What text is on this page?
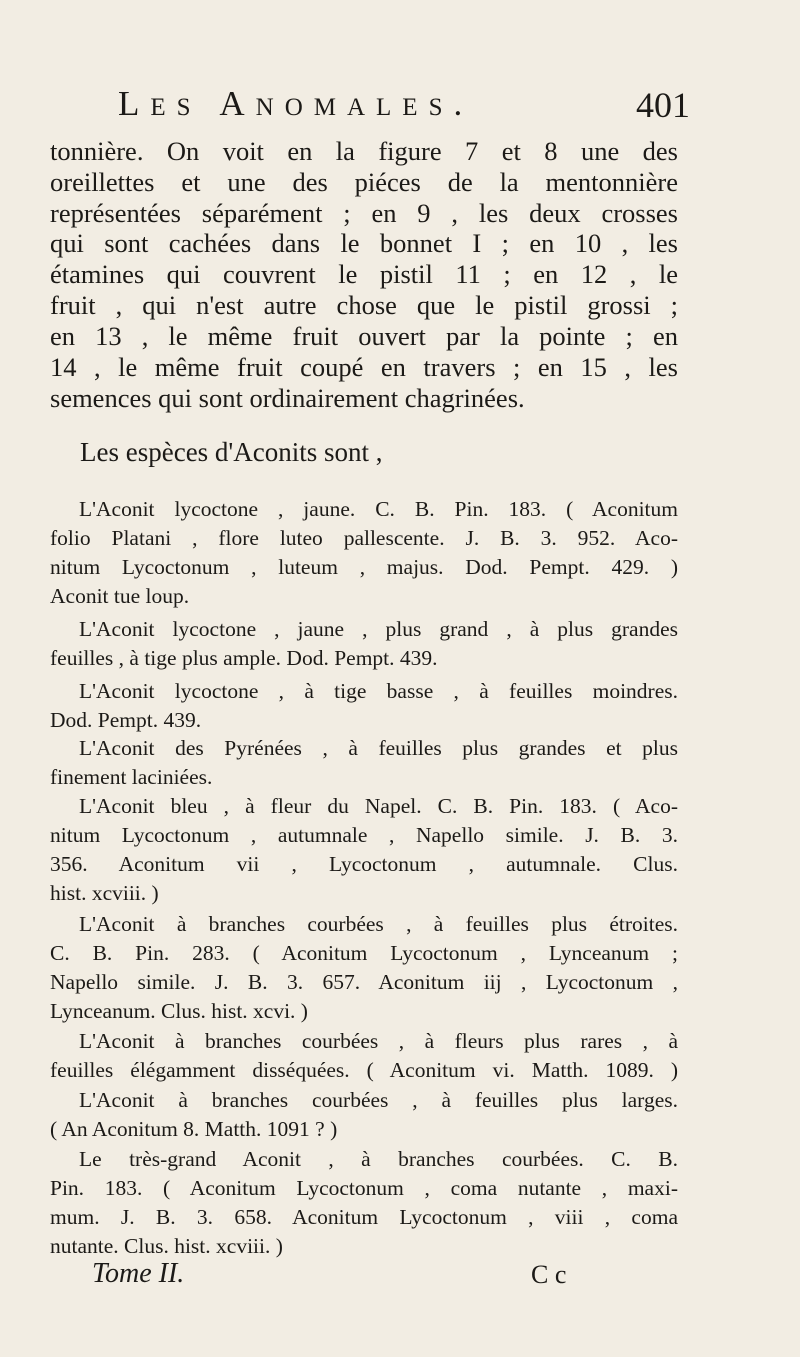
Les Anomales.	401
tonnière. On voit en la figure 7 et 8 une des
oreillettes et une des piéces de la mentonnière
représentées séparément ; en 9 , les deux crosses
qui sont cachées dans le bonnet I ; en 10 , les
étamines qui couvrent le pistil 11 ; en 12 , le
fruit , qui n'est autre chose que le pistil grossi ;
en 13 , le même fruit ouvert par la pointe ; en
14 , le même fruit coupé en travers ; en 15 , les
semences qui sont ordinairement chagrinées.
Les espèces d'Aconits sont ,
L'Aconit lycoctone , jaune. C. B. Pin. 183. ( Aconitum
folio Platani , flore luteo pallescente. J. B. 3. 952. Aco-
nitum Lycoctonum , luteum , majus. Dod. Pempt. 429. )
Aconit tue loup.
L'Aconit lycoctone , jaune , plus grand , à plus grandes
feuilles , à tige plus ample. Dod. Pempt. 439.
L'Aconit lycoctone , à tige basse , à feuilles moindres.
Dod. Pempt. 439.
L'Aconit des Pyrénées , à feuilles plus grandes et plus
finement laciniées.
L'Aconit bleu , à fleur du Napel. C. B. Pin. 183. ( Aco-
nitum Lycoctonum , autumnale , Napello simile. J. B. 3.
356. Aconitum vii , Lycoctonum , autumnale. Clus.
hist. xcviii. )
L'Aconit à branches courbées , à feuilles plus étroites.
C. B. Pin. 283. ( Aconitum Lycoctonum , Lynceanum ;
Napello simile. J. B. 3. 657. Aconitum iij , Lycoctonum ,
Lynceanum. Clus. hist. xcvi. )
L'Aconit à branches courbées , à fleurs plus rares , à
feuilles élégamment disséquées. ( Aconitum vi. Matth. 1089. )
L'Aconit à branches courbées , à feuilles plus larges.
( An Aconitum 8. Matth. 1091 ? )
Le très-grand Aconit , à branches courbées. C. B.
Pin. 183. ( Aconitum Lycoctonum , coma nutante , maxi-
mum. J. B. 3. 658. Aconitum Lycoctonum , viii , coma
nutante. Clus. hist. xcviii. )
Tome II.	C c
